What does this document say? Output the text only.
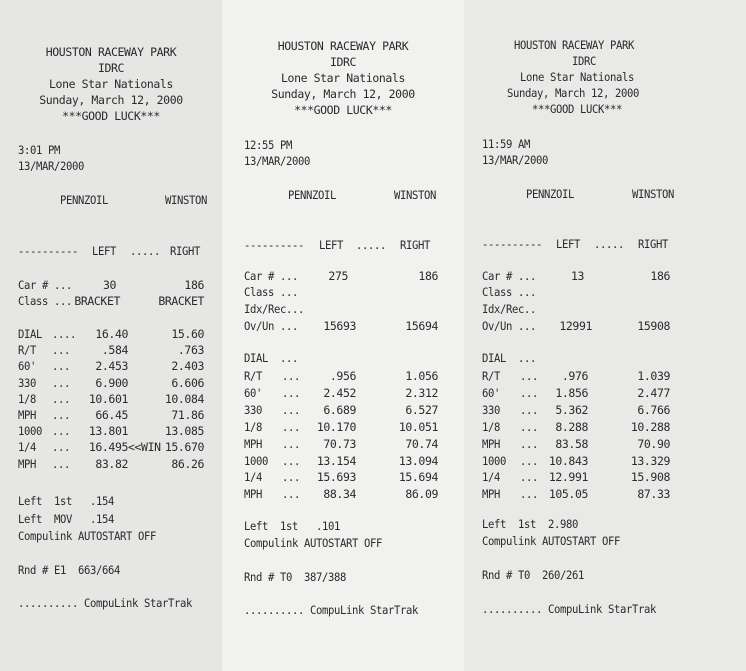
HOUSTON RACEWAY PARK
IDRC
Lone Star Nationals
Sunday, March 12, 2000
***GOOD LUCK***
3:01 PM
13/MAR/2000
PENNZOIL	WINSTON
---------- LEFT ..... RIGHT
Car # ...	30	186
Class ... BRACKET	BRACKET
DIAL ....	16.40	15.60
R/T ...	.584	.763
60' ...	2.453	2.403
330 ...	6.900	6.606
1/8 ...	10.601	10.084
MPH ...	66.45	71.86
1000 ...	13.801	13.085
1/4 ...	16.495	15.670
<<WIN
MPH ...	83.82	86.26
Left  1st   .154
Left  MOV   .154
Compulink AUTOSTART OFF
Rnd # E1  663/664
.......... CompuLink StarTrak
HOUSTON RACEWAY PARK
IDRC
Lone Star Nationals
Sunday, March 12, 2000
***GOOD LUCK***
12:55 PM
13/MAR/2000
PENNZOIL	WINSTON
---------- LEFT ..... RIGHT
Car # ...	275	186
Class ...
Idx/Rec...
Ov/Un ...	15693	15694
DIAL  ...
R/T ...	.956	1.056
60' ...	2.452	2.312
330 ...	6.689	6.527
1/8 ...	10.170	10.051
MPH ...	70.73	70.74
1000 ...	13.154	13.094
1/4 ...	15.693	15.694
MPH ...	88.34	86.09
Left  1st   .101
Compulink AUTOSTART OFF
Rnd # T0  387/388
.......... CompuLink StarTrak
HOUSTON RACEWAY PARK
IDRC
Lone Star Nationals
Sunday, March 12, 2000
***GOOD LUCK***
11:59 AM
13/MAR/2000
PENNZOIL	WINSTON
---------- LEFT ..... RIGHT
Car # ...	13	186
Class ...
Idx/Rec..
Ov/Un ...	12991	15908
DIAL  ...
R/T ...	.976	1.039
60' ...	1.856	2.477
330 ...	5.362	6.766
1/8 ...	8.288	10.288
MPH ...	83.58	70.90
1000 ... 10.843	13.329
1/4 ... 12.991	15.908
MPH ... 105.05	87.33
Left  1st  2.980
Compulink AUTOSTART OFF
Rnd # T0  260/261
.......... CompuLink StarTrak
